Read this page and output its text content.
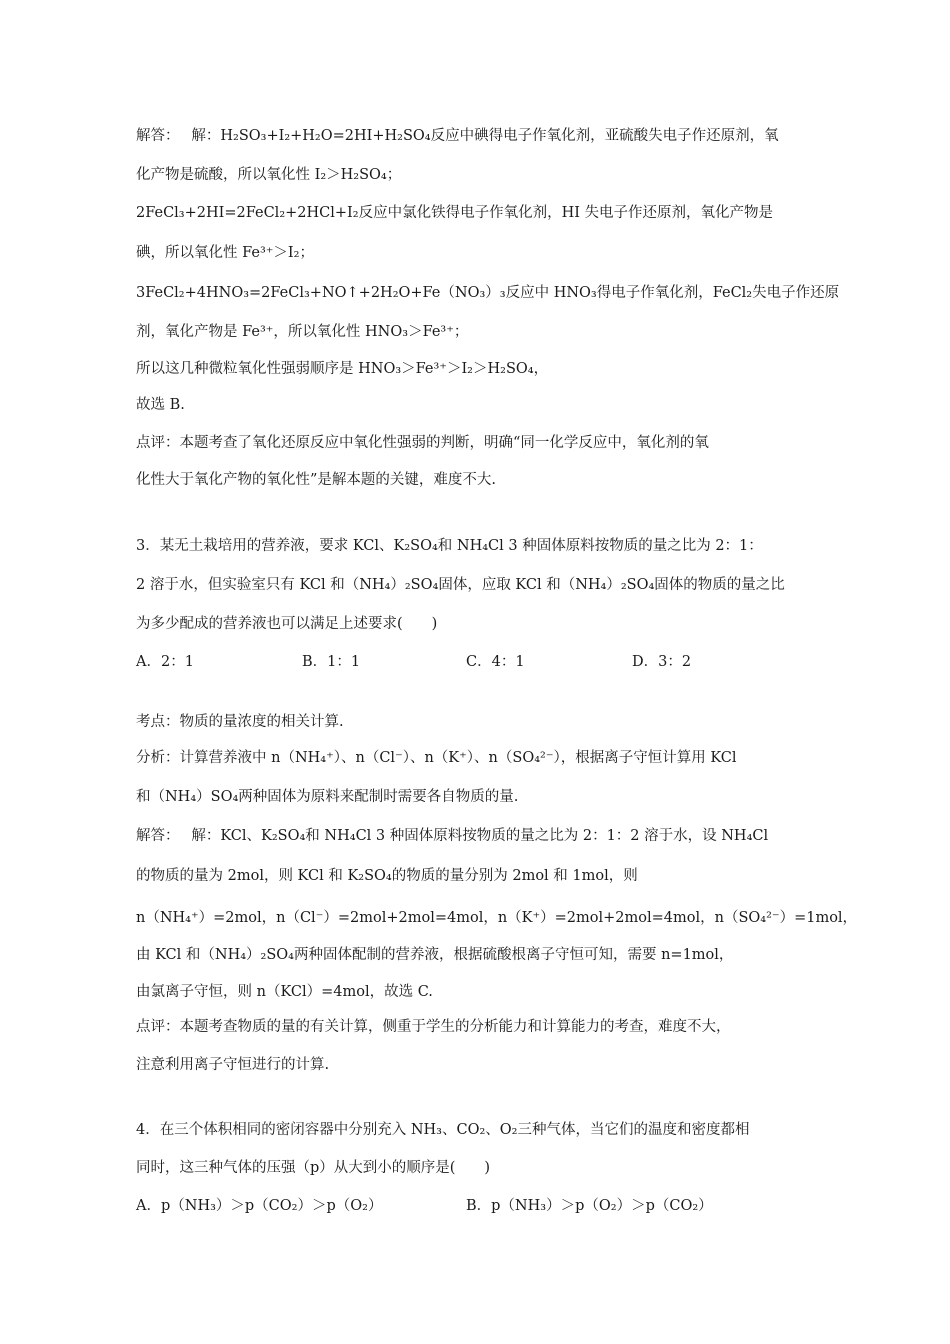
解答：　 解：H₂SO₃+I₂+H₂O=2HI+H₂SO₄反应中碘得电子作氧化剂，亚硫酸失电子作还原剂，氧
化产物是硫酸，所以氧化性 I₂＞H₂SO₄；
2FeCl₃+2HI=2FeCl₂+2HCl+I₂反应中氯化铁得电子作氧化剂，HI 失电子作还原剂，氧化产物是
碘，所以氧化性 Fe³⁺＞I₂；
3FeCl₂+4HNO₃=2FeCl₃+NO↑+2H₂O+Fe（NO₃）₃反应中 HNO₃得电子作氧化剂，FeCl₂失电子作还原
剂，氧化产物是 Fe³⁺，所以氧化性 HNO₃＞Fe³⁺；
所以这几种微粒氧化性强弱顺序是 HNO₃＞Fe³⁺＞I₂＞H₂SO₄，
故选 B.
点评：本题考查了氧化还原反应中氧化性强弱的判断，明确“同一化学反应中，氧化剂的氧
化性大于氧化产物的氧化性”是解本题的关键，难度不大.
3．某无土栽培用的营养液，要求 KCl、K₂SO₄和 NH₄Cl 3 种固体原料按物质的量之比为 2：1：
2 溶于水，但实验室只有 KCl 和（NH₄）₂SO₄固体，应取 KCl 和（NH₄）₂SO₄固体的物质的量之比
为多少配成的营养液也可以满足上述要求(　　)
A．2：1	B．1：1	C．4：1	D．3：2
考点：物质的量浓度的相关计算.
分析：计算营养液中 n（NH₄⁺）、n（Cl⁻）、n（K⁺）、n（SO₄²⁻），根据离子守恒计算用 KCl
和（NH₄）SO₄两种固体为原料来配制时需要各自物质的量.
解答：　 解：KCl、K₂SO₄和 NH₄Cl 3 种固体原料按物质的量之比为 2：1：2 溶于水，设 NH₄Cl
的物质的量为 2mol，则 KCl 和 K₂SO₄的物质的量分别为 2mol 和 1mol，则
n（NH₄⁺）=2mol，n（Cl⁻）=2mol+2mol=4mol，n（K⁺）=2mol+2mol=4mol，n（SO₄²⁻）=1mol，
由 KCl 和（NH₄）₂SO₄两种固体配制的营养液，根据硫酸根离子守恒可知，需要 n=1mol，
由氯离子守恒，则 n（KCl）=4mol，故选 C.
点评：本题考查物质的量的有关计算，侧重于学生的分析能力和计算能力的考查，难度不大，
注意利用离子守恒进行的计算.
4．在三个体积相同的密闭容器中分别充入 NH₃、CO₂、O₂三种气体，当它们的温度和密度都相
同时，这三种气体的压强（p）从大到小的顺序是(　　)
A．p（NH₃）＞p（CO₂）＞p（O₂）	B．p（NH₃）＞p（O₂）＞p（CO₂）
